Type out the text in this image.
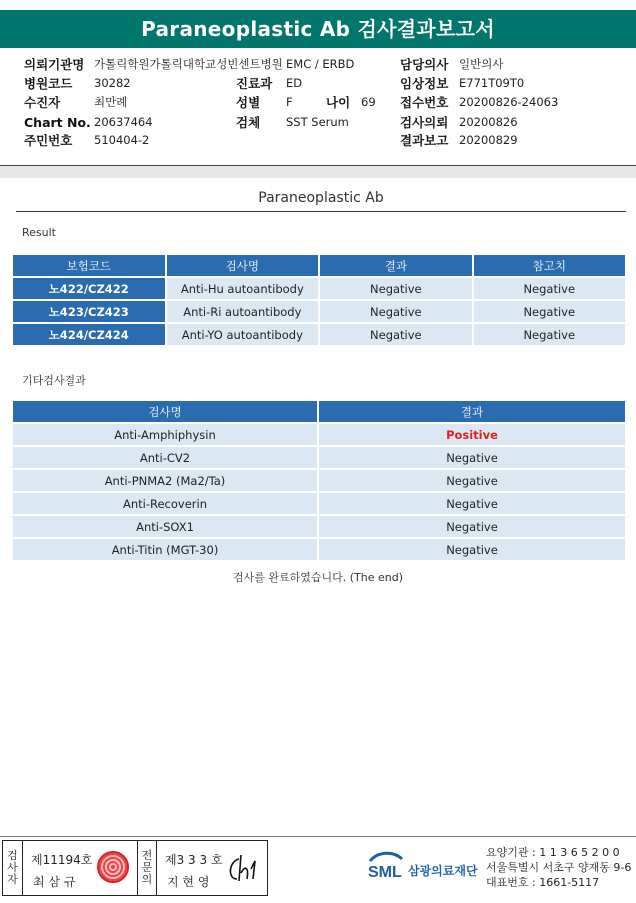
Paraneoplastic Ab 검사결과보고서
의뢰기관명 가톨릭학원가톨릭대학교성빈센트병원 EMC / ERBD	담당의사 일반의사
병원코드 30282	진료과 ED	임상정보 E771T09T0
수진자	최만례	성별 F	나이 69 접수번호 20200826-24063
Chart No. 20637464	검체 SST Serum	검사의뢰 20200826
주민번호 510404-2	결과보고 20200829
Paraneoplastic Ab
Result
보험코드	검사명	결과	참고치
노422/CZ422	Anti-Hu autoantibody	Negative	Negative
노423/CZ423	Anti-Ri autoantibody	Negative	Negative
노424/CZ424	Anti-YO autoantibody	Negative	Negative
기타검사결과
검사명	결과
Anti-Amphiphysin	Positive
Anti-CV2	Negative
Anti-PNMA2 (Ma2/Ta)	Negative
Anti-Recoverin	Negative
Anti-SOX1	Negative
Anti-Titin (MGT-30)	Negative
검사를 완료하였습니다. (The end)
검
사
자
제11194호
최 삼 규
전
문
의
제3 3 3 호
지 현 영
SML 삼광의료재단
요양기관 : 1 1 3 6 5 2 0 0
서울특별시 서초구 양재동 9-6
대표번호 : 1661-5117
